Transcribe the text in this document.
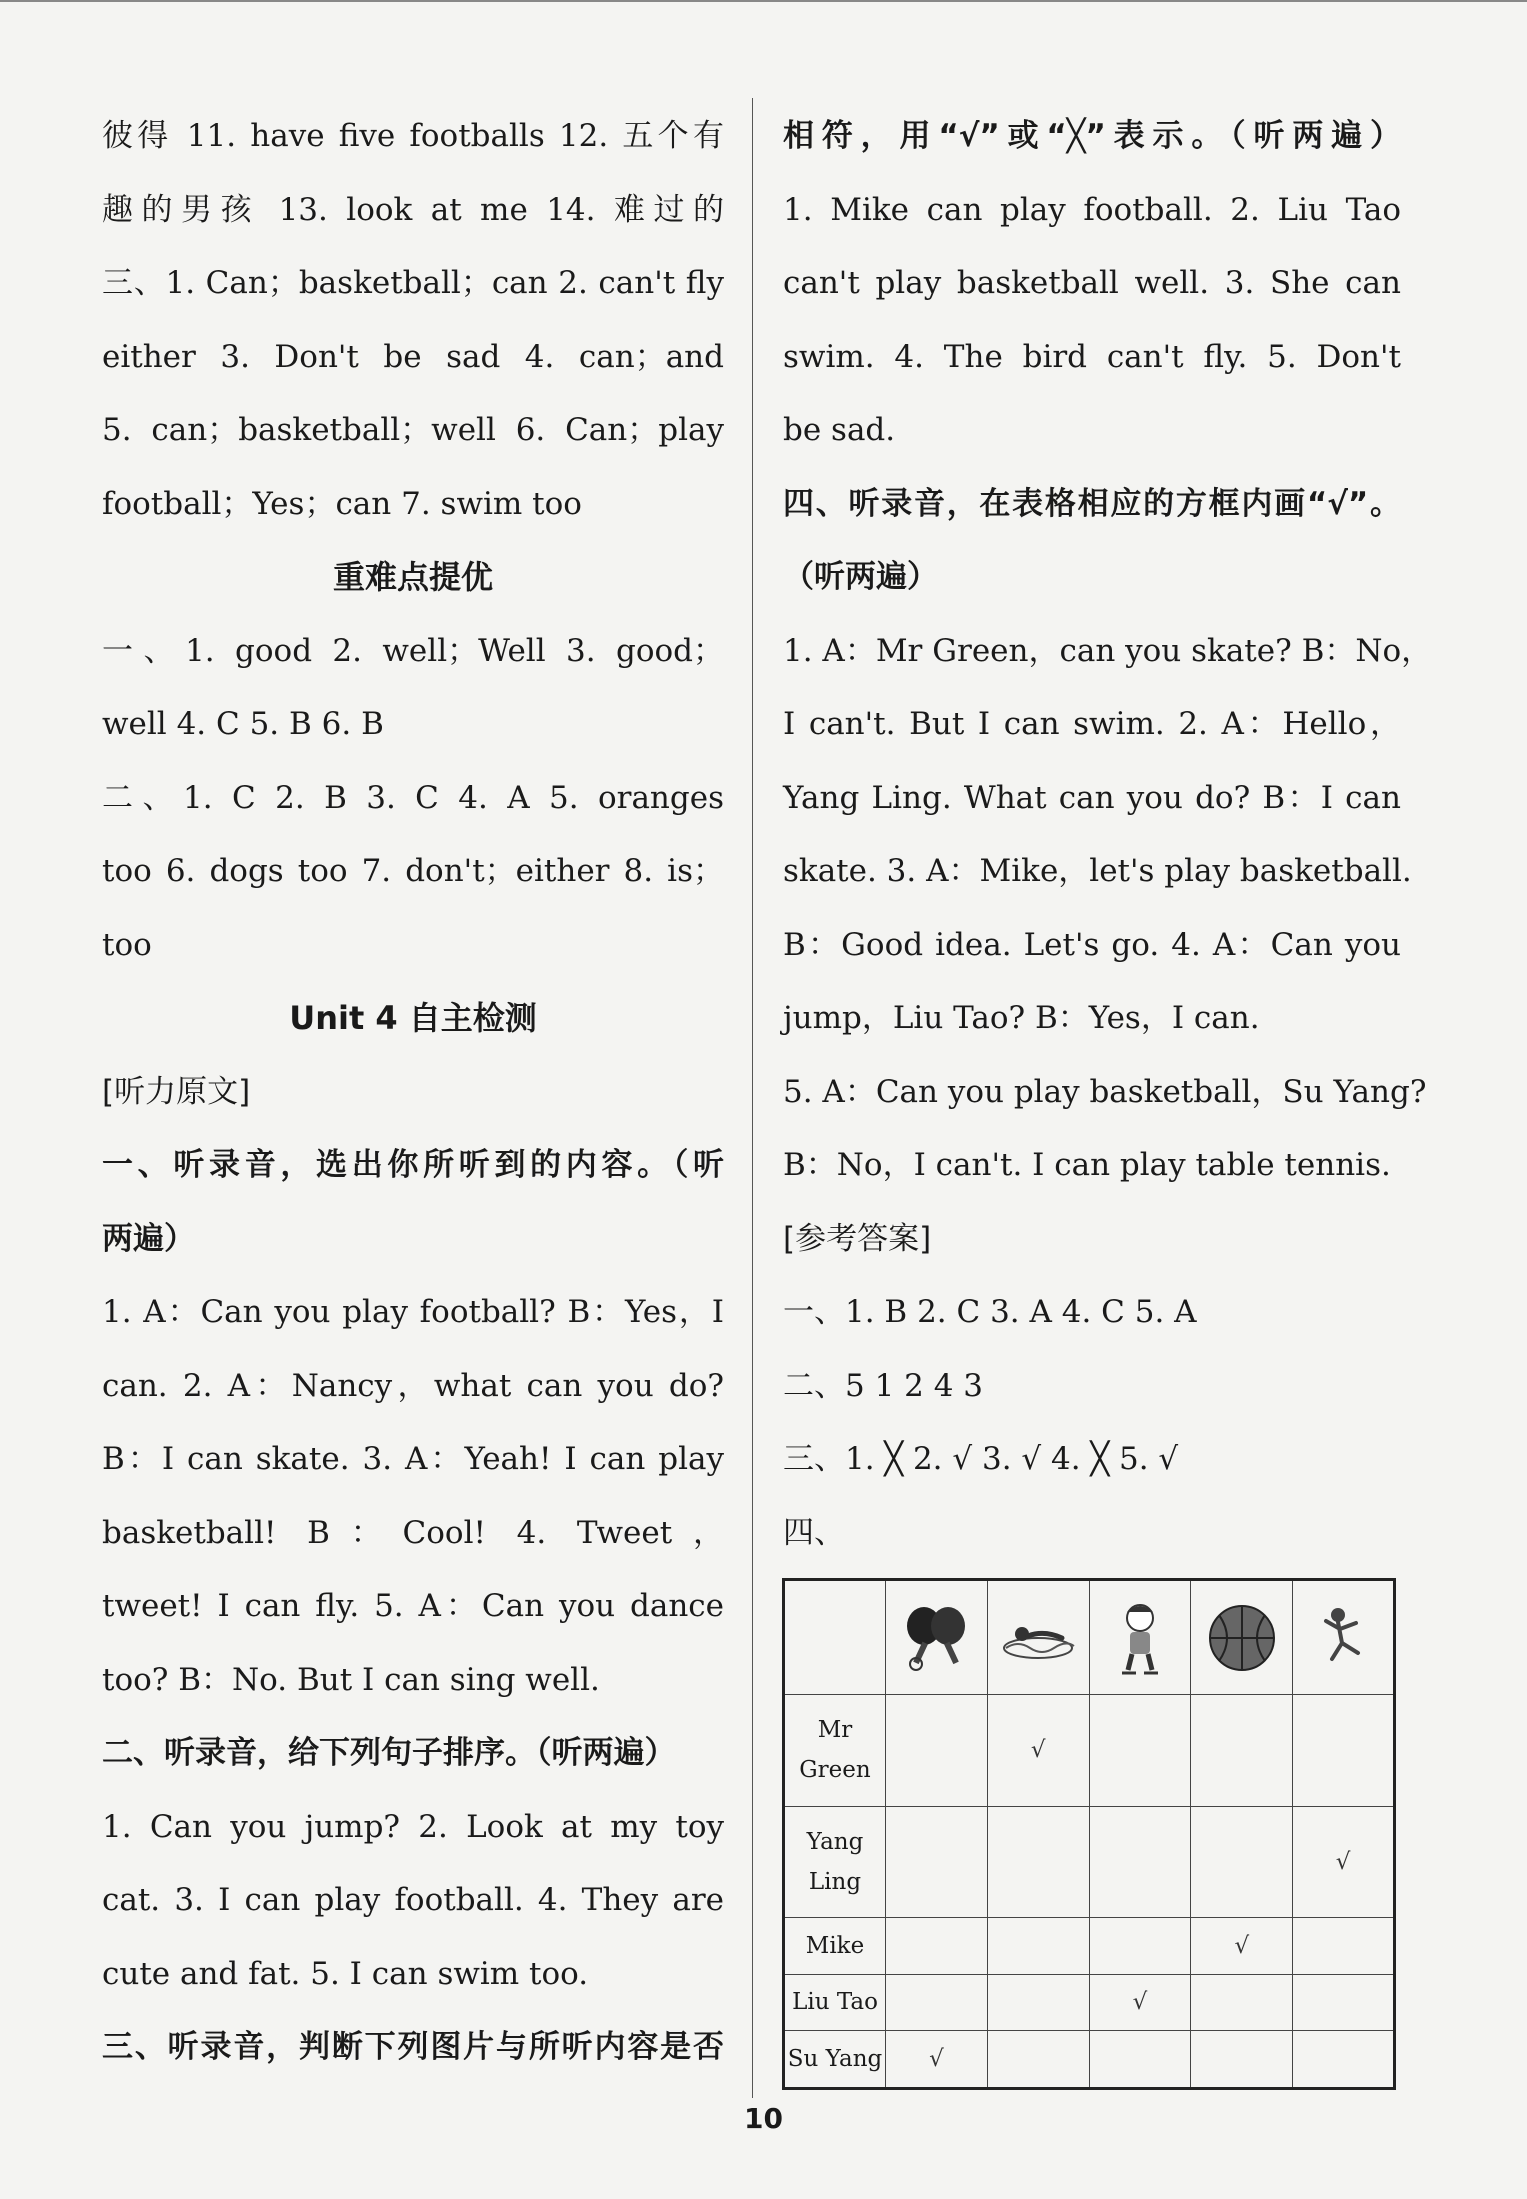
彼得 11. have five footballs 12. 五个有
趣的男孩 13. look at me 14. 难过的
三、1. Can；basketball；can 2. can't fly
either 3. Don't be sad 4. can；and
5. can；basketball；well 6. Can；play
football；Yes；can 7. swim too
重难点提优
一、1. good 2. well；Well 3. good；
well 4. C 5. B 6. B
二、1. C 2. B 3. C 4. A 5. oranges
too 6. dogs too 7. don't；either 8. is；
too
Unit 4 自主检测
[听力原文]
一、听录音，选出你所听到的内容。（听
两遍）
1. A：Can you play football? B：Yes，I
can. 2. A：Nancy，what can you do?
B：I can skate. 3. A：Yeah! I can play
basketball! B：Cool! 4. Tweet，
tweet! I can fly. 5. A：Can you dance
too? B：No. But I can sing well.
二、听录音，给下列句子排序。（听两遍）
1. Can you jump? 2. Look at my toy
cat. 3. I can play football. 4. They are
cute and fat. 5. I can swim too.
三、听录音，判断下列图片与所听内容是否
相符，用“√”或“╳”表示。（听两遍）
1. Mike can play football. 2. Liu Tao
can't play basketball well. 3. She can
swim. 4. The bird can't fly. 5. Don't
be sad.
四、听录音，在表格相应的方框内画“√”。
（听两遍）
1. A：Mr Green，can you skate? B：No，
I can't. But I can swim. 2. A：Hello，
Yang Ling. What can you do? B：I can
skate. 3. A：Mike，let's play basketball.
B：Good idea. Let's go. 4. A：Can you
jump，Liu Tao? B：Yes，I can.
5. A：Can you play basketball，Su Yang?
B：No，I can't. I can play table tennis.
[参考答案]
一、1. B 2. C 3. A 4. C 5. A
二、5 1 2 4 3
三、1. ╳ 2. √ 3. √ 4. ╳ 5. √
四、

Mr Green		√			
Yang Ling					√
Mike				√	
Liu Tao			√		
Su Yang	√				
10
